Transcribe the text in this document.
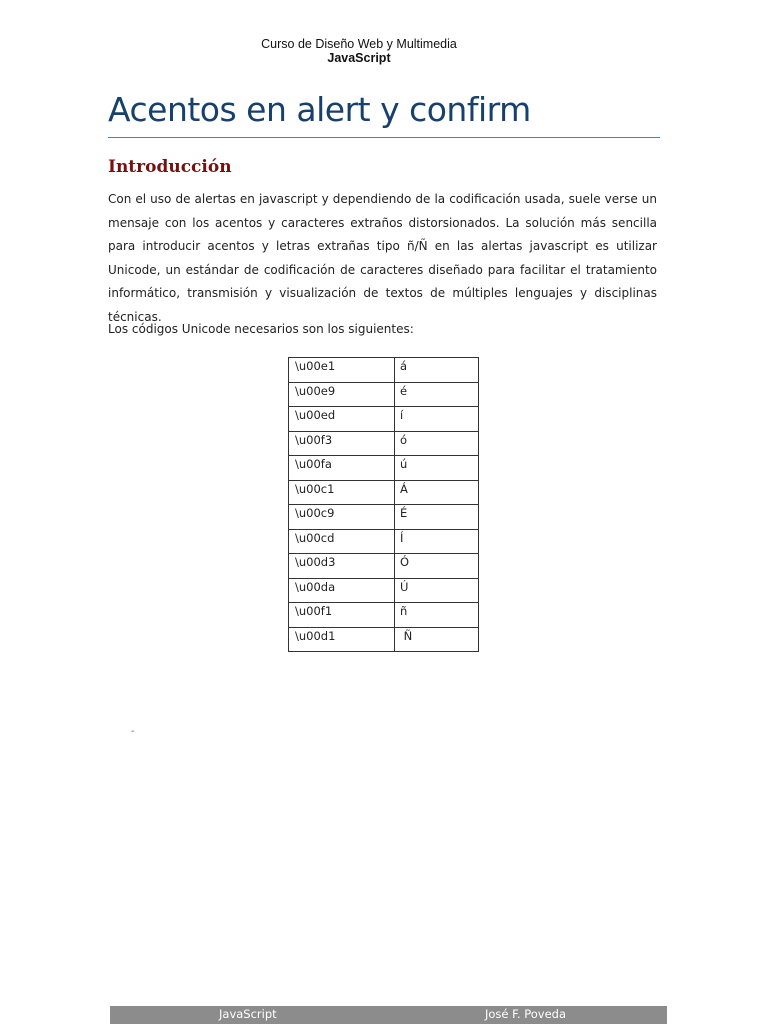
Curso de Diseño Web y Multimedia
JavaScript
Acentos en alert y confirm
Introducción

Con el uso de alertas en javascript y dependiendo de la codificación usada, suele verse un mensaje con los acentos y caracteres extraños distorsionados. La solución más sencilla para introducir acentos y letras extrañas tipo ñ/Ñ en las alertas javascript es utilizar Unicode, un estándar de codificación de caracteres diseñado para facilitar el tratamiento informático, transmisión y visualización de textos de múltiples lenguajes y disciplinas técnicas.

Los códigos Unicode necesarios son los siguientes:

\u00e1	á
\u00e9	é
\u00ed	í
\u00f3	ó
\u00fa	ú
\u00c1	Á
\u00c9	É
\u00cd	Í
\u00d3	Ó
\u00da	Ú
\u00f1	ñ
\u00d1	Ñ
-
JavaScript	José F. Poveda
